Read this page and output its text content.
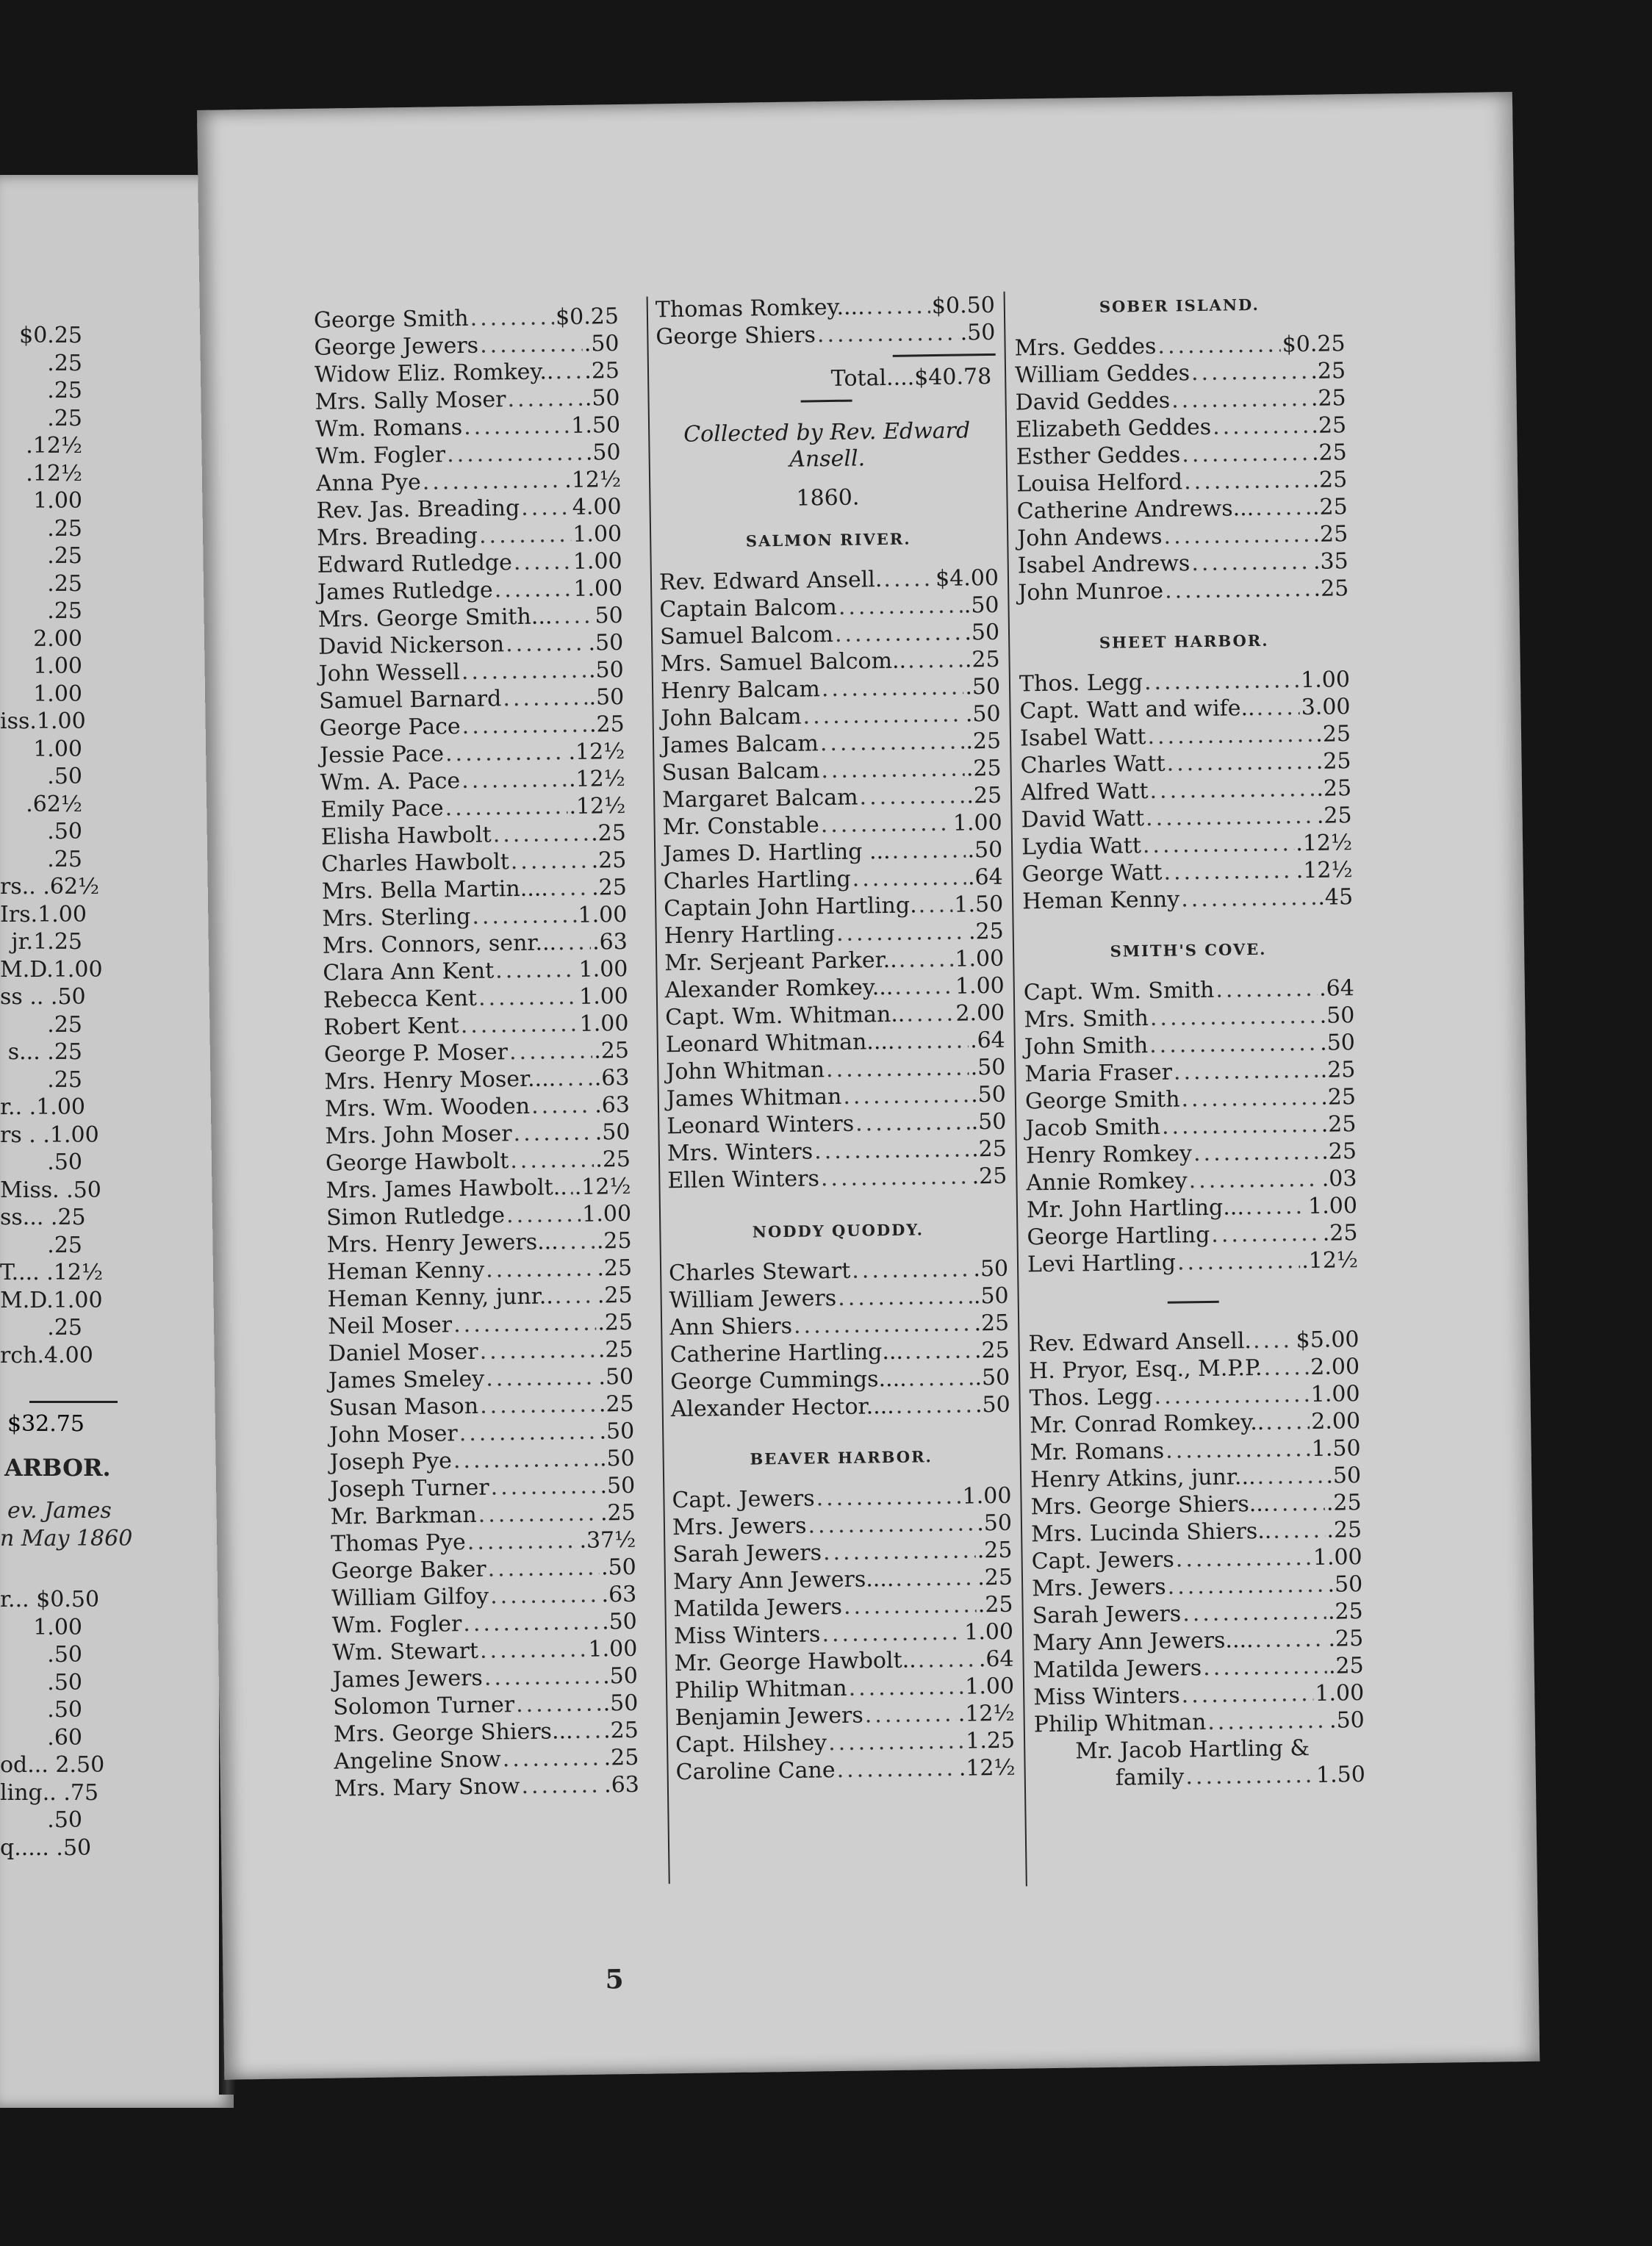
$0.25
.25
.25
.25
.12½
.12½
1.00
.25
.25
.25
.25
2.00
1.00
1.00
iss.1.00
1.00
.50
.62½
.50
.25
rs.. .62½
Irs.1.00
jr.1.25
M.D.1.00
ss .. .50
.25
s... .25
.25
r.. .1.00
rs . .1.00
.50
Miss. .50
ss... .25
.25
T.... .12½
M.D.1.00
.25
rch.4.00
$32.75
ARBOR.
ev. James
n May 1860
r... $0.50
1.00
.50
.50
.50
.60
od... 2.50
ling.. .75
.50
q..... .50
George Smith .....	$0.25
George Jewers .....	.50
Widow Eliz. Romkey.. ..... .25
Mrs. Sally Moser .....	.50
Wm. Romans .....	1.50
Wm. Fogler .....	.50
Anna Pye .....	.12½
Rev. Jas. Breading ..... 4.00
Mrs. Breading .....	1.00
Edward Rutledge .....	1.00
James Rutledge .....	1.00
Mrs. George Smith... ..... 50
David Nickerson .....	.50
John Wessell .....	.50
Samuel Barnard .....	.50
George Pace .....	.25
Jessie Pace .....	.12½
Wm. A. Pace .....	.12½
Emily Pace .....	.12½
Elisha Hawbolt .....	.25
Charles Hawbolt .....	.25
Mrs. Bella Martin.... ..... .25
Mrs. Sterling .....	1.00
Mrs. Connors, senr... ..... .63
Clara Ann Kent .....	1.00
Rebecca Kent .....	1.00
Robert Kent .....	1.00
George P. Moser .....	.25
Mrs. Henry Moser.... ..... .63
Mrs. Wm. Wooden .....	.63
Mrs. John Moser .....	.50
George Hawbolt .....	.25
Mrs. James Hawbolt.. ..... .12½
Simon Rutledge .....	1.00
Mrs. Henry Jewers... ..... .25
Heman Kenny .....	.25
Heman Kenny, junr.. ..... .25
Neil Moser .....	.25
Daniel Moser .....	.25
James Smeley .....	.50
Susan Mason .....	.25
John Moser .....	.50
Joseph Pye .....	.50
Joseph Turner .....	.50
Mr. Barkman .....	.25
Thomas Pye .....	.37½
George Baker .....	.50
William Gilfoy .....	.63
Wm. Fogler .....	.50
Wm. Stewart .....	1.00
James Jewers .....	.50
Solomon Turner .....	.50
Mrs. George Shiers... ..... .25
Angeline Snow .....	.25
Mrs. Mary Snow .....	.63
Thomas Romkey.... .....	$0.50
George Shiers .....	.50
Total....$40.78
Collected by Rev. Edward Ansell.
1860.
SALMON RIVER.
Rev. Edward Ansell. ..... $4.00
Captain Balcom .....	.50
Samuel Balcom .....	.50
Mrs. Samuel Balcom.. .....	.25
Henry Balcam .....	.50
John Balcam .....	.50
James Balcam .....	.25
Susan Balcam .....	.25
Margaret Balcam .....	.25
Mr. Constable .....	1.00
James D. Hartling ... .....	.50
Charles Hartling .....	.64
Captain John Hartling. ..... 1.50
Henry Hartling .....	.25
Mr. Serjeant Parker.. .....	1.00
Alexander Romkey... .....	1.00
Capt. Wm. Whitman.. ..... 2.00
Leonard Whitman.... .....	.64
John Whitman .....	.50
James Whitman .....	.50
Leonard Winters .....	.50
Mrs. Winters .....	.25
Ellen Winters .....	.25
NODDY QUODDY.
Charles Stewart .....	.50
William Jewers .....	.50
Ann Shiers .....	.25
Catherine Hartling... .....	.25
George Cummings.... .....	.50
Alexander Hector.... .....	.50
BEAVER HARBOR.
Capt. Jewers .....	1.00
Mrs. Jewers .....	.50
Sarah Jewers .....	.25
Mary Ann Jewers.... .....	.25
Matilda Jewers .....	.25
Miss Winters .....	1.00
Mr. George Hawbolt.. .....	.64
Philip Whitman .....	1.00
Benjamin Jewers .....	.12½
Capt. Hilshey .....	1.25
Caroline Cane .....	.12½
SOBER ISLAND.
Mrs. Geddes .....	$0.25
William Geddes .....	.25
David Geddes .....	.25
Elizabeth Geddes .....	.25
Esther Geddes .....	.25
Louisa Helford .....	.25
Catherine Andrews... .....	.25
John Andews .....	.25
Isabel Andrews .....	.35
John Munroe .....	.25
SHEET HARBOR.
Thos. Legg .....	1.00
Capt. Watt and wife.. ..... 3.00
Isabel Watt .....	.25
Charles Watt .....	.25
Alfred Watt .....	.25
David Watt .....	.25
Lydia Watt .....	.12½
George Watt .....	.12½
Heman Kenny .....	.45
SMITH'S COVE.
Capt. Wm. Smith .....	.64
Mrs. Smith .....	.50
John Smith .....	.50
Maria Fraser .....	.25
George Smith .....	.25
Jacob Smith .....	.25
Henry Romkey .....	.25
Annie Romkey .....	.03
Mr. John Hartling... .....	1.00
George Hartling .....	.25
Levi Hartling .....	.12½
Rev. Edward Ansell. ..... $5.00
H. Pryor, Esq., M.P.P. ..... 2.00
Thos. Legg .....	1.00
Mr. Conrad Romkey.. ..... 2.00
Mr. Romans .....	1.50
Henry Atkins, junr... .....	.50
Mrs. George Shiers... .....	.25
Mrs. Lucinda Shiers.. ..... .25
Capt. Jewers .....	1.00
Mrs. Jewers .....	.50
Sarah Jewers .....	.25
Mary Ann Jewers.... .....	.25
Matilda Jewers .....	.25
Miss Winters .....	1.00
Philip Whitman .....	.50
Mr. Jacob Hartling &
family .....	1.50
5
